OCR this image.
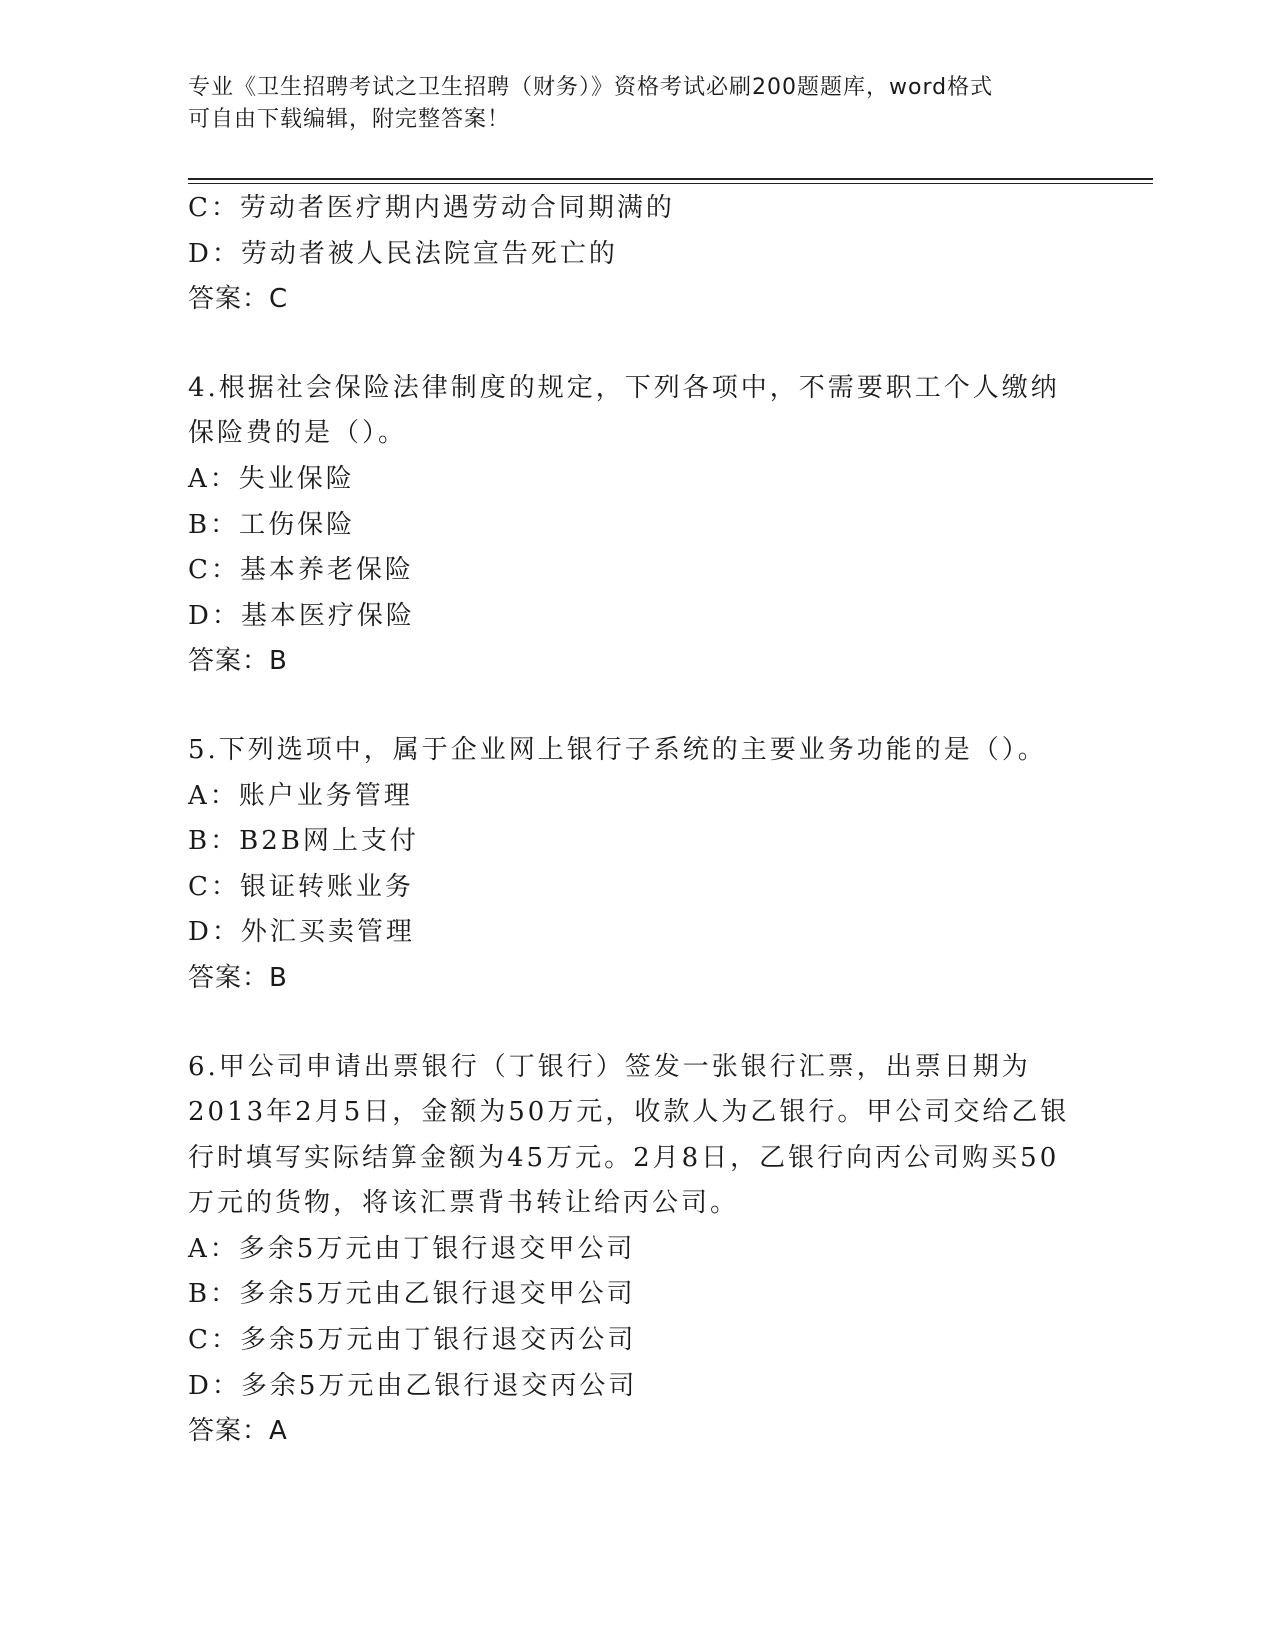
专业《卫生招聘考试之卫生招聘（财务）》资格考试必刷200题题库，word格式
可自由下载编辑，附完整答案！
C：劳动者医疗期内遇劳动合同期满的
D：劳动者被人民法院宣告死亡的
答案：C
4.根据社会保险法律制度的规定，下列各项中，不需要职工个人缴纳
保险费的是（）。
A：失业保险
B：工伤保险
C：基本养老保险
D：基本医疗保险
答案：B
5.下列选项中，属于企业网上银行子系统的主要业务功能的是（）。
A：账户业务管理
B：B2B网上支付
C：银证转账业务
D：外汇买卖管理
答案：B
6.甲公司申请出票银行（丁银行）签发一张银行汇票，出票日期为
2013年2月5日，金额为50万元，收款人为乙银行。甲公司交给乙银
行时填写实际结算金额为45万元。2月8日，乙银行向丙公司购买50
万元的货物，将该汇票背书转让给丙公司。
A：多余5万元由丁银行退交甲公司
B：多余5万元由乙银行退交甲公司
C：多余5万元由丁银行退交丙公司
D：多余5万元由乙银行退交丙公司
答案：A
